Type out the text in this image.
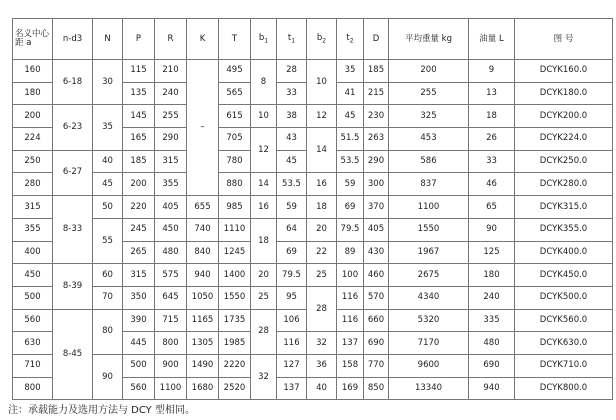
名义中心距 a	n-d3	N	P	R	K	T	$b_1$	$t_1$	$b_2$	$t_2$	D	平均重量 kg	油量 L	图 号
160	6-18	30	115	210	–	495	8	28	10	35	185	200	9	DCYK160.0
180			135	240		565		33		41	215	255	13	DCYK180.0
200	6-23	35	145	255		615	10	38	12	45	230	325	18	DCYK200.0
224			165	290		705	12	43	14	51.5	263	453	26	DCYK224.0
250	6-27	40	185	315		780		45		53.5	290	586	33	DCYK250.0
280		45	200	355		880	14	53.5	16	59	300	837	46	DCYK280.0
315	8-33	50	220	405	655	985	16	59	18	69	370	1100	65	DCYK315.0
355		55	245	450	740	1110	18	64	20	79.5	405	1550	90	DCYK355.0
400			265	480	840	1245		69	22	89	430	1967	125	DCYK400.0
450	8-39	60	315	575	940	1400	20	79.5	25	100	460	2675	180	DCYK450.0
500		70	350	645	1050	1550	25	95	28	116	570	4340	240	DCYK500.0
560	8-45	80	390	715	1165	1735	28	106		116	660	5320	335	DCYK560.0
630			445	800	1305	1985		116	32	137	690	7170	480	DCYK630.0
710		90	500	900	1490	2220	32	127	36	158	770	9600	690	DCYK710.0
800			560	1100	1680	2520		137	40	169	850	13340	940	DCYK800.0
注：承载能力及选用方法与 DCY 型相同。
